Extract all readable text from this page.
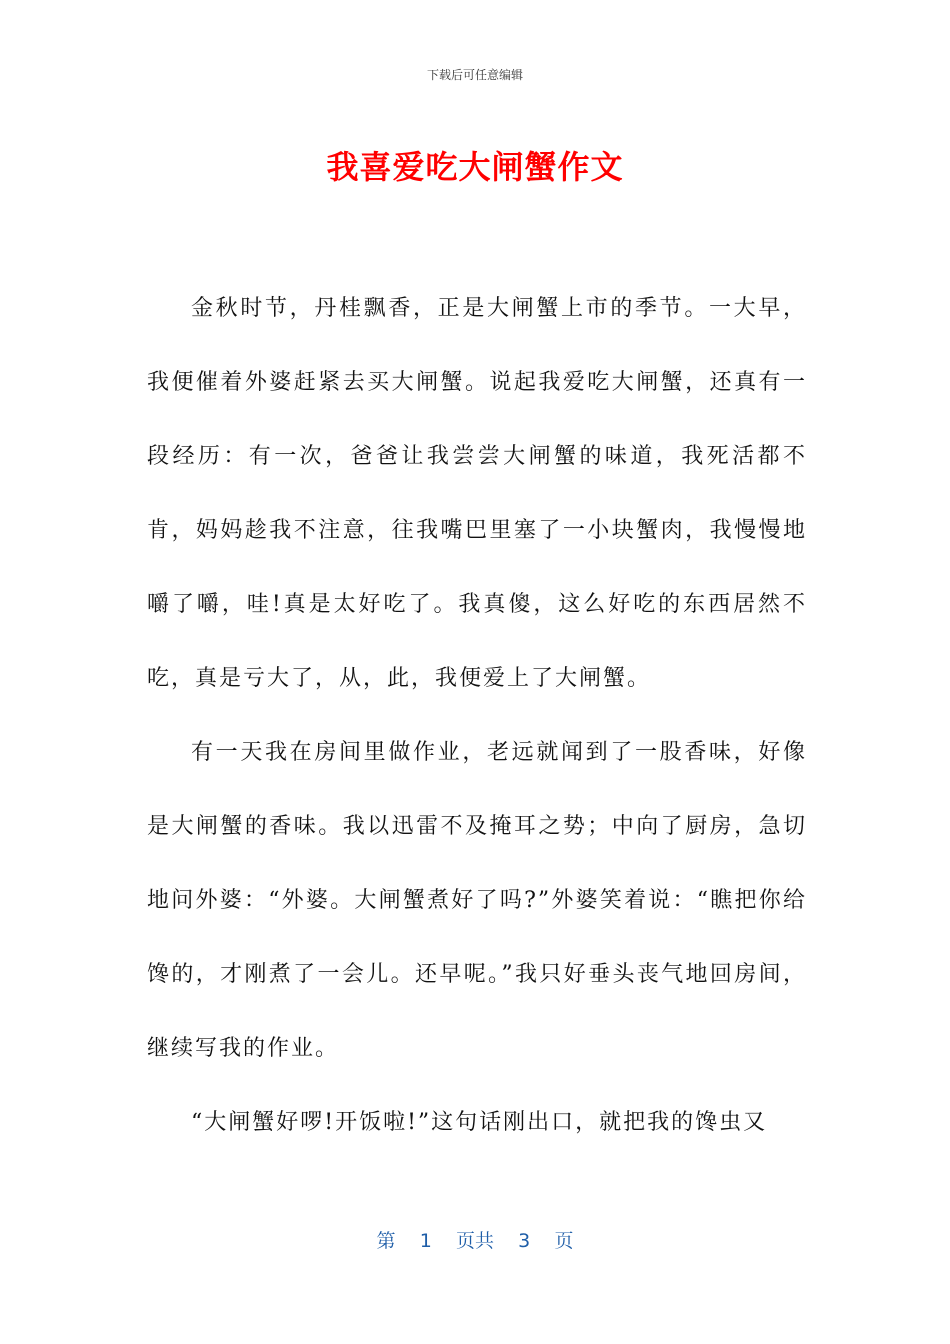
下载后可任意编辑
我喜爱吃大闸蟹作文

金秋时节，丹桂飘香，正是大闸蟹上市的季节。一大早，我便催着外婆赶紧去买大闸蟹。说起我爱吃大闸蟹，还真有一段经历：有一次，爸爸让我尝尝大闸蟹的味道，我死活都不肯，妈妈趁我不注意，往我嘴巴里塞了一小块蟹肉，我慢慢地嚼了嚼，哇!真是太好吃了。我真傻，这么好吃的东西居然不吃，真是亏大了，从，此，我便爱上了大闸蟹。

有一天我在房间里做作业，老远就闻到了一股香味，好像是大闸蟹的香味。我以迅雷不及掩耳之势；中向了厨房，急切地问外婆：“外婆。大闸蟹煮好了吗?”外婆笑着说：“瞧把你给馋的，才刚煮了一会儿。还早呢。”我只好垂头丧气地回房间，继续写我的作业。

“大闸蟹好啰!开饭啦!”这句话刚出口，就把我的馋虫又

第 1 页共 3 页
